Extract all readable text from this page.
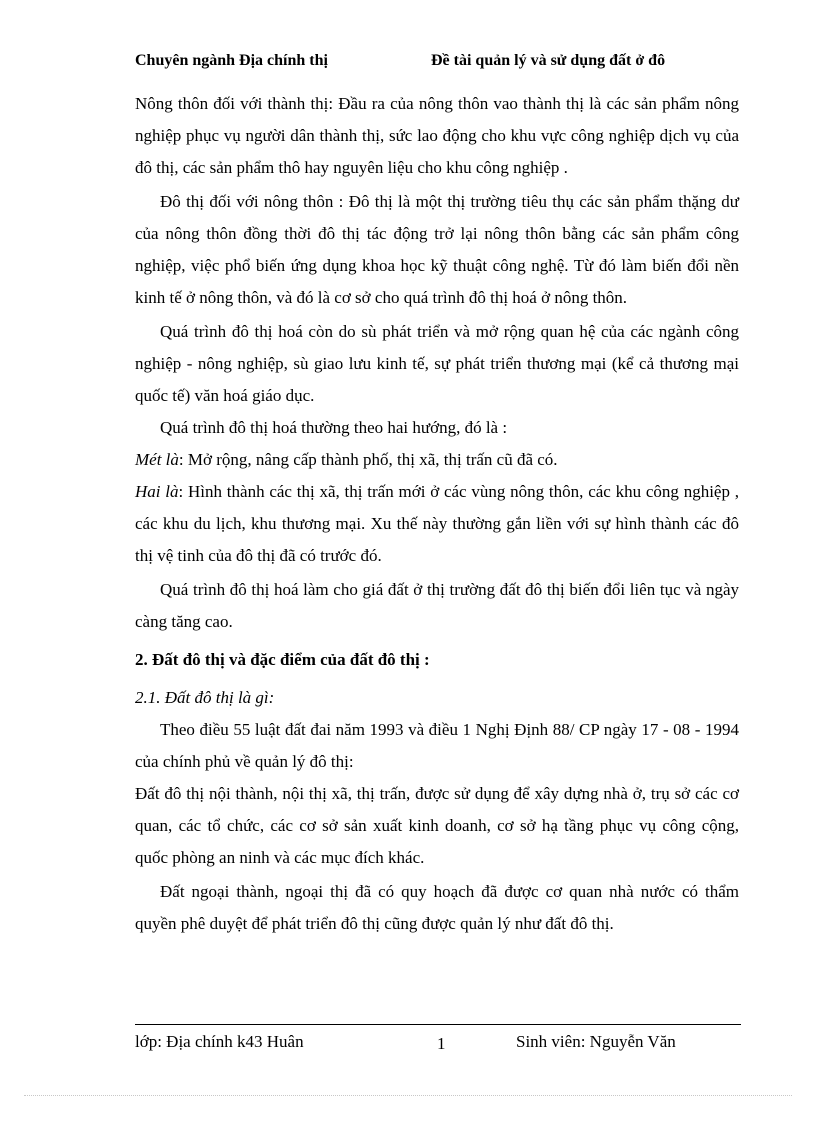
Chuyên ngành Địa chính thị	Đề tài quản lý và sử dụng đất ở đô

Nông thôn đối với thành thị: Đầu ra của nông thôn vao thành thị là các sản phẩm nông nghiệp phục vụ người dân thành thị, sức lao động cho khu vực công nghiệp dịch vụ của đô thị, các sản phẩm thô hay nguyên liệu cho khu công nghiệp .

Đô thị đối với nông thôn : Đô thị là một thị trường tiêu thụ các sản phẩm thặng dư của nông thôn đồng thời đô thị tác động trở lại nông thôn bằng các sản phẩm công nghiệp, việc phổ biến ứng dụng khoa học kỹ thuật công nghệ. Từ đó làm biến đổi nền kinh tế ở nông thôn, và đó là cơ sở cho quá trình đô thị hoá ở nông thôn.

Quá trình đô thị hoá còn do sù phát triển và mở rộng quan hệ của các ngành công nghiệp - nông nghiệp, sù giao lưu kinh tế, sự phát triển thương mại (kể cả thương mại quốc tế) văn hoá giáo dục.

Quá trình đô thị hoá thường theo hai hướng, đó là :

Mét là: Mở rộng, nâng cấp thành phố, thị xã, thị trấn cũ đã có.

Hai là: Hình thành các thị xã, thị trấn mới ở các vùng nông thôn, các khu công nghiệp , các khu du lịch, khu thương mại. Xu thế này thường gắn liền với sự hình thành các đô thị vệ tinh của đô thị đã có trước đó.

Quá trình đô thị hoá làm cho giá đất ở thị trường đất đô thị biến đổi liên tục và ngày càng tăng cao.

2. Đất đô thị và đặc điểm của đất đô thị :

2.1. Đất đô thị là gì:

Theo điều 55 luật đất đai năm 1993 và điều 1 Nghị Định 88/ CP ngày 17 - 08 - 1994 của chính phủ về quản lý đô thị:

Đất đô thị nội thành, nội thị xã, thị trấn, được sử dụng để xây dựng nhà ở, trụ sở các cơ quan, các tổ chức, các cơ sở sản xuất kinh doanh, cơ sở hạ tầng phục vụ công cộng, quốc phòng an ninh và các mục đích khác.

Đất ngoại thành, ngoại thị đã có quy hoạch đã được cơ quan nhà nước có thẩm quyền phê duyệt để phát triển đô thị cũng được quản lý như đất đô thị.

lớp: Địa chính k43 Huân	1	Sinh viên: Nguyễn Văn
